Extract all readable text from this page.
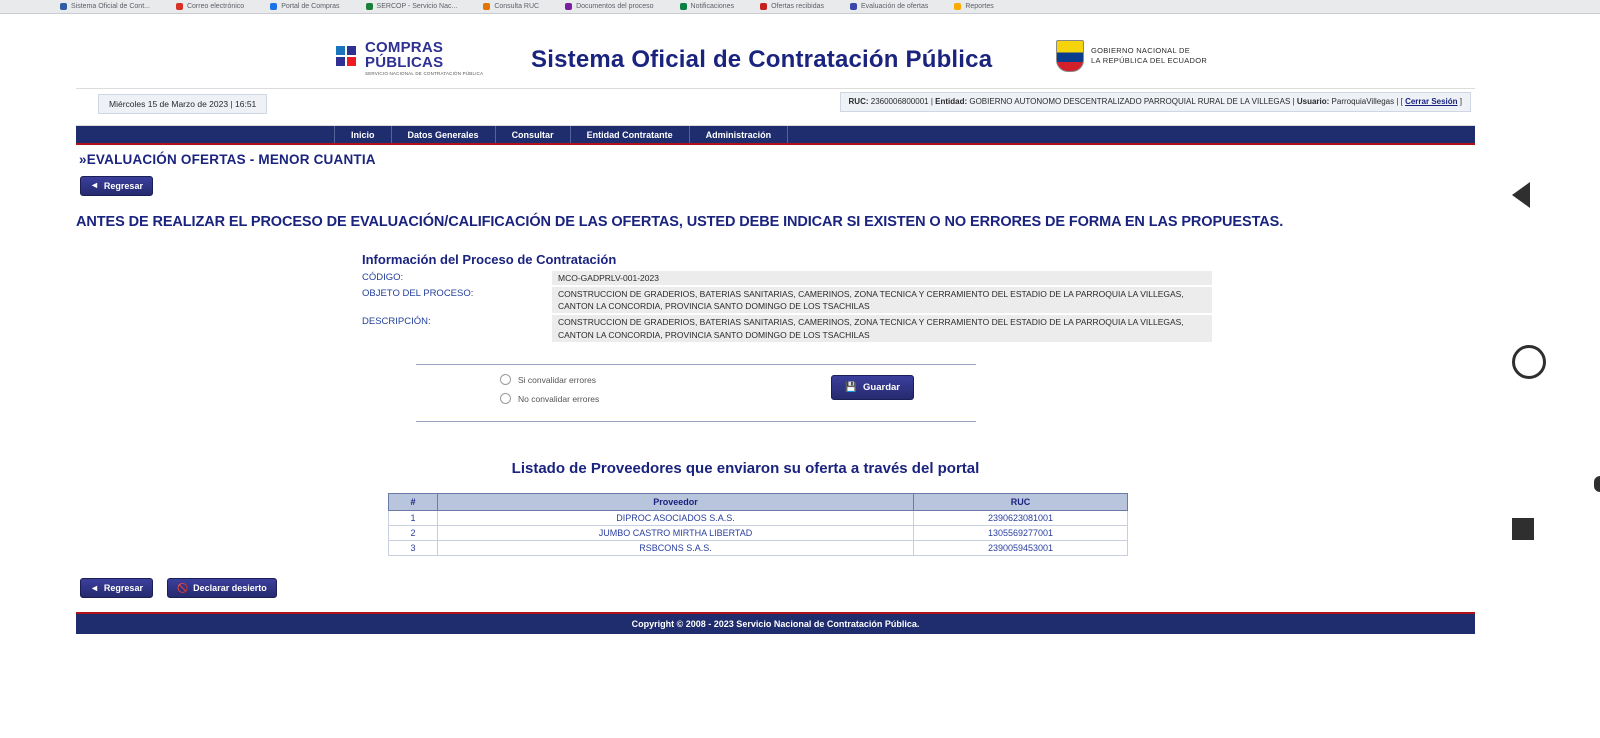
Sistema Oficial de Cont...	Correo electrónico	Portal de Compras	SERCOP - Servicio Nac...	Consulta RUC	Documentos del proceso	Notificaciones	Ofertas recibidas	Evaluación de ofertas	Reportes
COMPRAS
PÚBLICAS
SERVICIO NACIONAL DE CONTRATACIÓN PÚBLICA
Sistema Oficial de Contratación Pública	GOBIERNO NACIONAL DE
LA REPÚBLICA DEL ECUADOR
Miércoles 15 de Marzo de 2023 | 16:51	RUC: 2360006800001 | Entidad: GOBIERNO AUTONOMO DESCENTRALIZADO PARROQUIAL RURAL DE LA VILLEGAS | Usuario: ParroquiaVillegas | [ Cerrar Sesión ]
Inicio	Datos Generales	Consultar	Entidad Contratante	Administración
»EVALUACIÓN OFERTAS - MENOR CUANTIA
◄ Regresar
ANTES DE REALIZAR EL PROCESO DE EVALUACIÓN/CALIFICACIÓN DE LAS OFERTAS, USTED DEBE INDICAR SI EXISTEN O NO ERRORES DE FORMA EN LAS PROPUESTAS.
Información del Proceso de Contratación
CÓDIGO:	MCO-GADPRLV-001-2023
OBJETO DEL PROCESO:	CONSTRUCCION DE GRADERIOS, BATERIAS SANITARIAS, CAMERINOS, ZONA TECNICA Y CERRAMIENTO DEL ESTADIO DE LA PARROQUIA LA VILLEGAS, CANTON LA CONCORDIA, PROVINCIA SANTO DOMINGO DE LOS TSACHILAS
DESCRIPCIÓN:	CONSTRUCCION DE GRADERIOS, BATERIAS SANITARIAS, CAMERINOS, ZONA TECNICA Y CERRAMIENTO DEL ESTADIO DE LA PARROQUIA LA VILLEGAS, CANTON LA CONCORDIA, PROVINCIA SANTO DOMINGO DE LOS TSACHILAS
Si convalidar errores
No convalidar errores
💾 Guardar
Listado de Proveedores que enviaron su oferta a través del portal
#	Proveedor	RUC
1	DIPROC ASOCIADOS S.A.S.	2390623081001
2	JUMBO CASTRO MIRTHA LIBERTAD	1305569277001
3	RSBCONS S.A.S.	2390059453001
◄ Regresar	🚫 Declarar desierto
Copyright © 2008 - 2023 Servicio Nacional de Contratación Pública.
